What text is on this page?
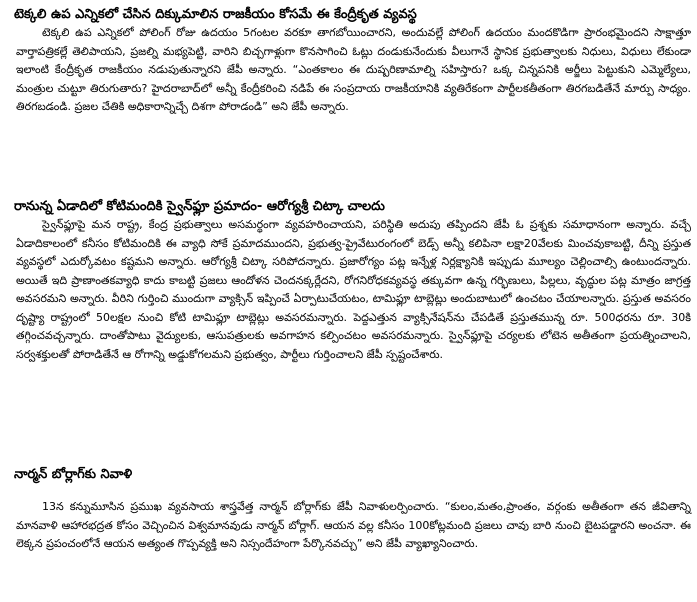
టెక్కలి ఉప ఎన్నికలో చేసిన దిక్కుమాలిన రాజకీయం కోసమే ఈ కేంద్రీకృత వ్యవస్థ

టెక్కలి ఉప ఎన్నికలో పోలింగ్ రోజు ఉదయం 5గంటల వరకూ తాగబోయించారని, అందువల్లే పోలింగ్ ఉదయం మందకొడిగా ప్రారంభమైందని సాక్షాత్తూ వార్తాపత్రికల్లే తెలిపాయని, ప్రజల్ని మభ్యపెట్టి, వారిని బిచ్చగాళ్లుగా కొనసాగించి ఓట్లు దండుకునేందుకు వీలుగానే స్థానిక ప్రభుత్వాలకు నిధులు, విధులు లేకుండా ఇలాంటి కేంద్రీకృత రాజకీయం నడుపుతున్నారని జేపీ అన్నారు. “ఎంతకాలం ఈ దుష్పరిణామాల్ని సహిస్తారు? ఒక్క చిన్నపనికి అర్జీలు పెట్టుకుని ఎమ్మెల్యేలు, మంత్రుల చుట్టూ తిరుగుతారు? హైదరాబాద్‌లో అన్నీ కేంద్రీకరించి నడిపే ఈ సంప్రదాయ రాజకీయానికి వ్యతిరేకంగా పార్టీలకతీతంగా తిరగబడితేనే మార్పు సాధ్యం. తిరగబడండి. ప్రజల చేతికి అధికారాన్నిచ్చే దిశగా పోరాడండి” అని జేపీ అన్నారు.

రానున్న ఏడాదిలో కోటిమందికి స్వైన్‌ఫ్లూ ప్రమాదం- ఆరోగ్యశ్రీ చిట్కా చాలదు

స్వైన్‌ఫ్లూపై మన రాష్ట్ర, కేంద్ర ప్రభుత్వాలు అసమర్థంగా వ్యవహరించాయని, పరిస్థితి అదుపు తప్పిందని జేపీ ఓ ప్రశ్నకు సమాధానంగా అన్నారు. వచ్చే ఏడాదికాలంలో కనీసం కోటిమందికి ఈ వ్యాధి సోకే ప్రమాదముందని, ప్రభుత్వ-ప్రైవేటురంగంలో బెడ్స్ అన్నీ కలిపినా లక్షా20వేలకు మించవుకాబట్టి, దీన్ని ప్రస్తుత వ్యవస్థలో ఎదుర్కోవటం కష్టమని అన్నారు. ఆరోగ్యశ్రీ చిట్కా సరిపోదన్నారు. ప్రజారోగ్యం పట్ల ఇన్నేళ్ల నిర్లక్ష్యానికి ఇప్పుడు మూల్యం చెల్లించాల్సి ఉంటుందన్నారు. అయితే ఇది ప్రాణాంతకవ్యాధి కాదు కాబట్టి ప్రజలు ఆందోళన చెందనక్కర్లేదని, రోగనిరోధకవ్యవస్థ తక్కువగా ఉన్న గర్భిణులు, పిల్లలు, వృద్ధుల పట్ల మాత్రం జాగ్రత్త అవసరమని అన్నారు. వీరిని గుర్తించి ముందుగా వ్యాక్సిన్ ఇప్పించే ఏర్పాటుచేయటం, టామిఫ్లూ టాబ్లెట్లు అందుబాటులో ఉంచటం చేయాలన్నారు. ప్రస్తుత అవసరం దృష్ట్యా రాష్ట్రంలో 50లక్షల నుంచి కోటి టామిఫ్లూ టాబ్లెట్లు అవసరమన్నారు. పెద్దఎత్తున వ్యాక్సినేషన్‌ను చేపడితే ప్రస్తుతమున్న రూ. 500ధరను రూ. 30కి తగ్గించవచ్చన్నారు. దాంతోపాటు వైద్యులకు, ఆసుపత్రులకు అవగాహన కల్పించటం అవసరమన్నారు. స్వైన్‌ఫ్లూపై చర్యలకు లోటెన అతీతంగా ప్రయత్నించాలని, సర్వశక్తులతో పోరాడితేనే ఆ రోగాన్ని అడ్డుకోగలమని ప్రభుత్వం, పార్టీలు గుర్తించాలని జేపీ స్పష్టంచేశారు.

నార్మన్ బోర్లాగ్‌కు నివాళి

13న కన్నుమూసిన ప్రముఖ వ్యవసాయ శాస్త్రవేత్త నార్మన్ బోర్లాగ్‌కు జేపీ నివాళులర్పించారు. “కులం,మతం,ప్రాంతం, వర్గంకు అతీతంగా తన జీవితాన్ని మానవాళి ఆహారభద్రత కోసం వెచ్చించిన విశ్వమానవుడు నార్మన్ బోర్లాగ్. ఆయన వల్ల కనీసం 100కోట్లమంది ప్రజలు చావు బారి నుంచి బైటపడ్డారని అంచనా. ఈ లెక్కన ప్రపంచంలోనే ఆయన అత్యంత గొప్పవ్యక్తి అని నిస్సందేహంగా పేర్కొనవచ్చు” అని జేపీ వ్యాఖ్యానించారు.
